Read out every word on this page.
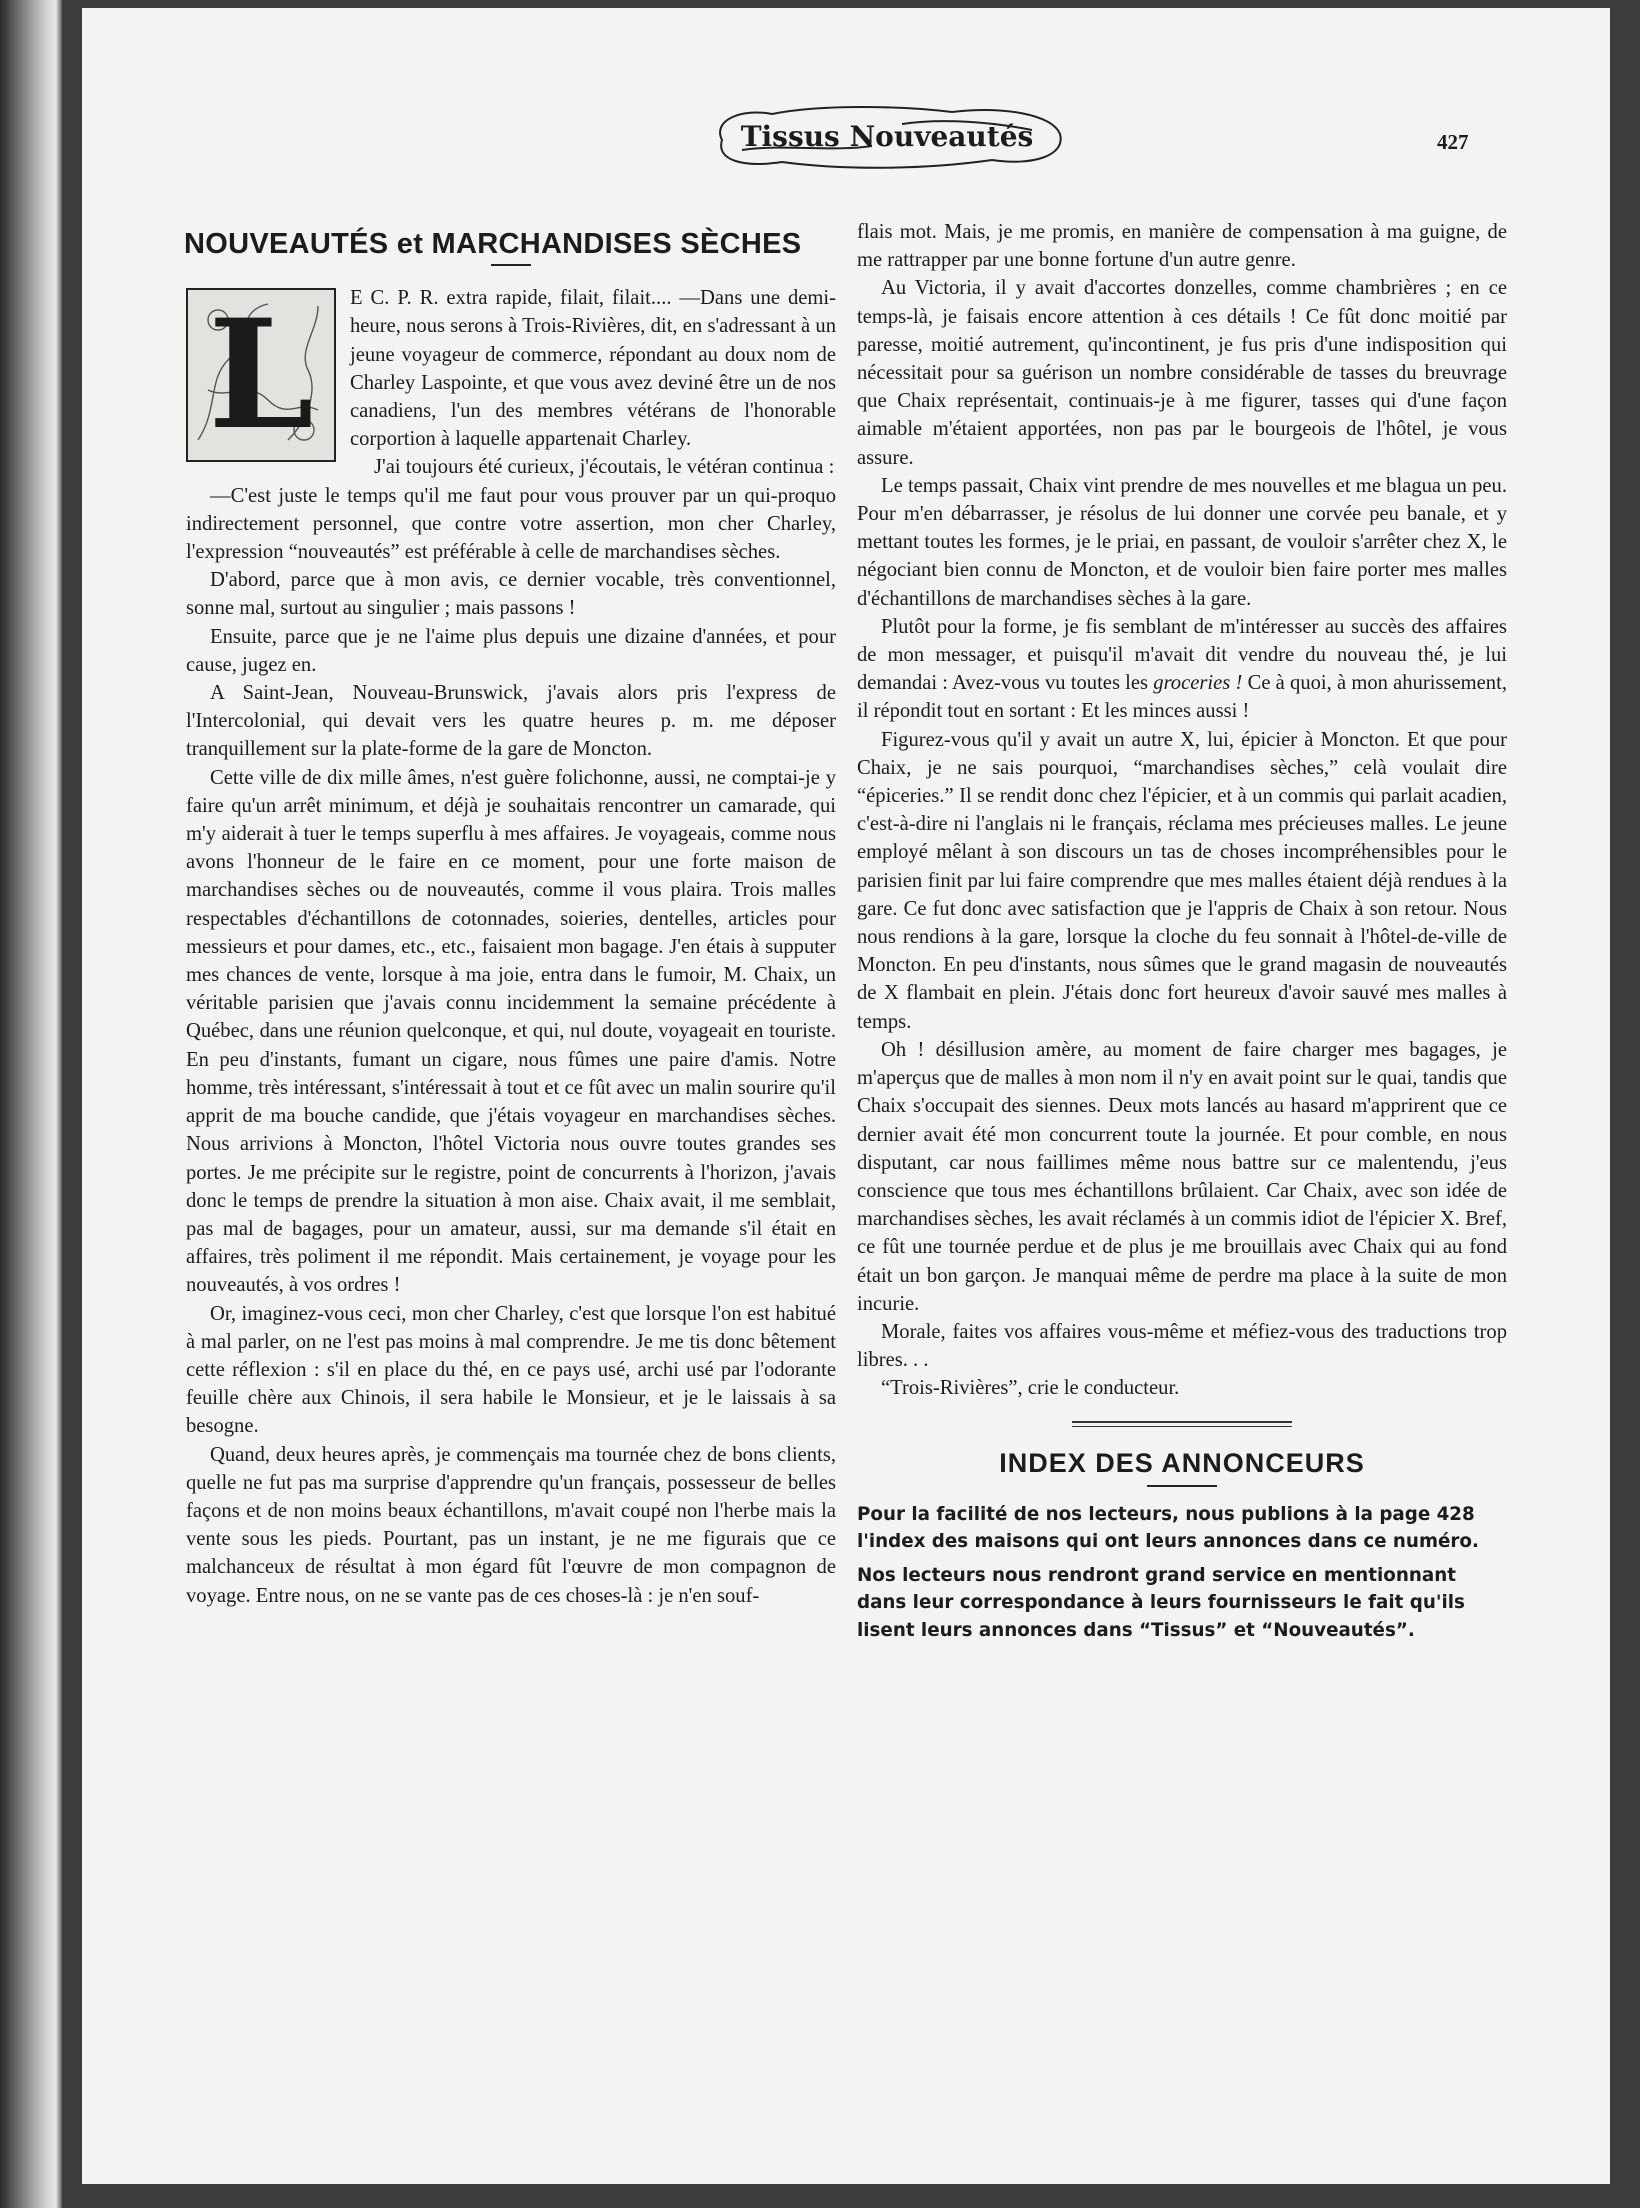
Tissus Nouveautés	427
NOUVEAUTÉS et MARCHANDISES SÈCHES
L	E C. P. R. extra rapide, filait, filait.... —Dans une demi-heure, nous serons à Trois-Rivières, dit, en s'adressant à un jeune voyageur de commerce, répondant au doux nom de Charley Laspointe, et que vous avez deviné être un de nos canadiens, l'un des membres vétérans de l'honorable corportion à laquelle appartenait Charley.

J'ai toujours été curieux, j'écoutais, le vétéran continua :

—C'est juste le temps qu'il me faut pour vous prouver par un qui-proquo indirectement personnel, que contre votre assertion, mon cher Charley, l'expression “nouveautés” est préférable à celle de marchandises sèches.

D'abord, parce que à mon avis, ce dernier vocable, très conventionnel, sonne mal, surtout au singulier ; mais passons !

Ensuite, parce que je ne l'aime plus depuis une dizaine d'années, et pour cause, jugez en.

A Saint-Jean, Nouveau-Brunswick, j'avais alors pris l'express de l'Intercolonial, qui devait vers les quatre heures p. m. me déposer tranquillement sur la plate-forme de la gare de Moncton.

Cette ville de dix mille âmes, n'est guère folichonne, aussi, ne comptai-je y faire qu'un arrêt minimum, et déjà je souhaitais rencontrer un camarade, qui m'y aiderait à tuer le temps superflu à mes affaires. Je voyageais, comme nous avons l'honneur de le faire en ce moment, pour une forte maison de marchandises sèches ou de nouveautés, comme il vous plaira. Trois malles respectables d'échantillons de cotonnades, soieries, dentelles, articles pour messieurs et pour dames, etc., etc., faisaient mon bagage. J'en étais à supputer mes chances de vente, lorsque à ma joie, entra dans le fumoir, M. Chaix, un véritable parisien que j'avais connu incidemment la semaine précédente à Québec, dans une réunion quelconque, et qui, nul doute, voyageait en touriste. En peu d'instants, fumant un cigare, nous fûmes une paire d'amis. Notre homme, très intéressant, s'intéressait à tout et ce fût avec un malin sourire qu'il apprit de ma bouche candide, que j'étais voyageur en marchandises sèches. Nous arrivions à Moncton, l'hôtel Victoria nous ouvre toutes grandes ses portes. Je me précipite sur le registre, point de concurrents à l'horizon, j'avais donc le temps de prendre la situation à mon aise. Chaix avait, il me semblait, pas mal de bagages, pour un amateur, aussi, sur ma demande s'il était en affaires, très poliment il me répondit. Mais certainement, je voyage pour les nouveautés, à vos ordres !

Or, imaginez-vous ceci, mon cher Charley, c'est que lorsque l'on est habitué à mal parler, on ne l'est pas moins à mal comprendre. Je me tis donc bêtement cette réflexion : s'il en place du thé, en ce pays usé, archi usé par l'odorante feuille chère aux Chinois, il sera habile le Monsieur, et je le laissais à sa besogne.

Quand, deux heures après, je commençais ma tournée chez de bons clients, quelle ne fut pas ma surprise d'apprendre qu'un français, possesseur de belles façons et de non moins beaux échantillons, m'avait coupé non l'herbe mais la vente sous les pieds. Pourtant, pas un instant, je ne me figurais que ce malchanceux de résultat à mon égard fût l'œuvre de mon compagnon de voyage. Entre nous, on ne se vante pas de ces choses-là : je n'en souf-

flais mot. Mais, je me promis, en manière de compensation à ma guigne, de me rattrapper par une bonne fortune d'un autre genre.

Au Victoria, il y avait d'accortes donzelles, comme chambrières ; en ce temps-là, je faisais encore attention à ces détails ! Ce fût donc moitié par paresse, moitié autrement, qu'incontinent, je fus pris d'une indisposition qui nécessitait pour sa guérison un nombre considérable de tasses du breuvrage que Chaix représentait, continuais-je à me figurer, tasses qui d'une façon aimable m'étaient apportées, non pas par le bourgeois de l'hôtel, je vous assure.

Le temps passait, Chaix vint prendre de mes nouvelles et me blagua un peu. Pour m'en débarrasser, je résolus de lui donner une corvée peu banale, et y mettant toutes les formes, je le priai, en passant, de vouloir s'arrêter chez X, le négociant bien connu de Moncton, et de vouloir bien faire porter mes malles d'échantillons de marchandises sèches à la gare.

Plutôt pour la forme, je fis semblant de m'intéresser au succès des affaires de mon messager, et puisqu'il m'avait dit vendre du nouveau thé, je lui demandai : Avez-vous vu toutes les groceries ! Ce à quoi, à mon ahurissement, il répondit tout en sortant : Et les minces aussi !

Figurez-vous qu'il y avait un autre X, lui, épicier à Moncton. Et que pour Chaix, je ne sais pourquoi, “marchandises sèches,” celà voulait dire “épiceries.” Il se rendit donc chez l'épicier, et à un commis qui parlait acadien, c'est-à-dire ni l'anglais ni le français, réclama mes précieuses malles. Le jeune employé mêlant à son discours un tas de choses incompréhensibles pour le parisien finit par lui faire comprendre que mes malles étaient déjà rendues à la gare. Ce fut donc avec satisfaction que je l'appris de Chaix à son retour. Nous nous rendions à la gare, lorsque la cloche du feu sonnait à l'hôtel-de-ville de Moncton. En peu d'instants, nous sûmes que le grand magasin de nouveautés de X flambait en plein. J'étais donc fort heureux d'avoir sauvé mes malles à temps.

Oh ! désillusion amère, au moment de faire charger mes bagages, je m'aperçus que de malles à mon nom il n'y en avait point sur le quai, tandis que Chaix s'occupait des siennes. Deux mots lancés au hasard m'apprirent que ce dernier avait été mon concurrent toute la journée. Et pour comble, en nous disputant, car nous faillimes même nous battre sur ce malentendu, j'eus conscience que tous mes échantillons brûlaient. Car Chaix, avec son idée de marchandises sèches, les avait réclamés à un commis idiot de l'épicier X. Bref, ce fût une tournée perdue et de plus je me brouillais avec Chaix qui au fond était un bon garçon. Je manquai même de perdre ma place à la suite de mon incurie.

Morale, faites vos affaires vous-même et méfiez-vous des traductions trop libres. . .

“Trois-Rivières”, crie le conducteur.

INDEX DES ANNONCEURS

Pour la facilité de nos lecteurs, nous publions à la page 428 l'index des maisons qui ont leurs annonces dans ce numéro.

Nos lecteurs nous rendront grand service en mentionnant dans leur correspondance à leurs fournisseurs le fait qu'ils lisent leurs annonces dans “Tissus” et “Nouveautés”.
